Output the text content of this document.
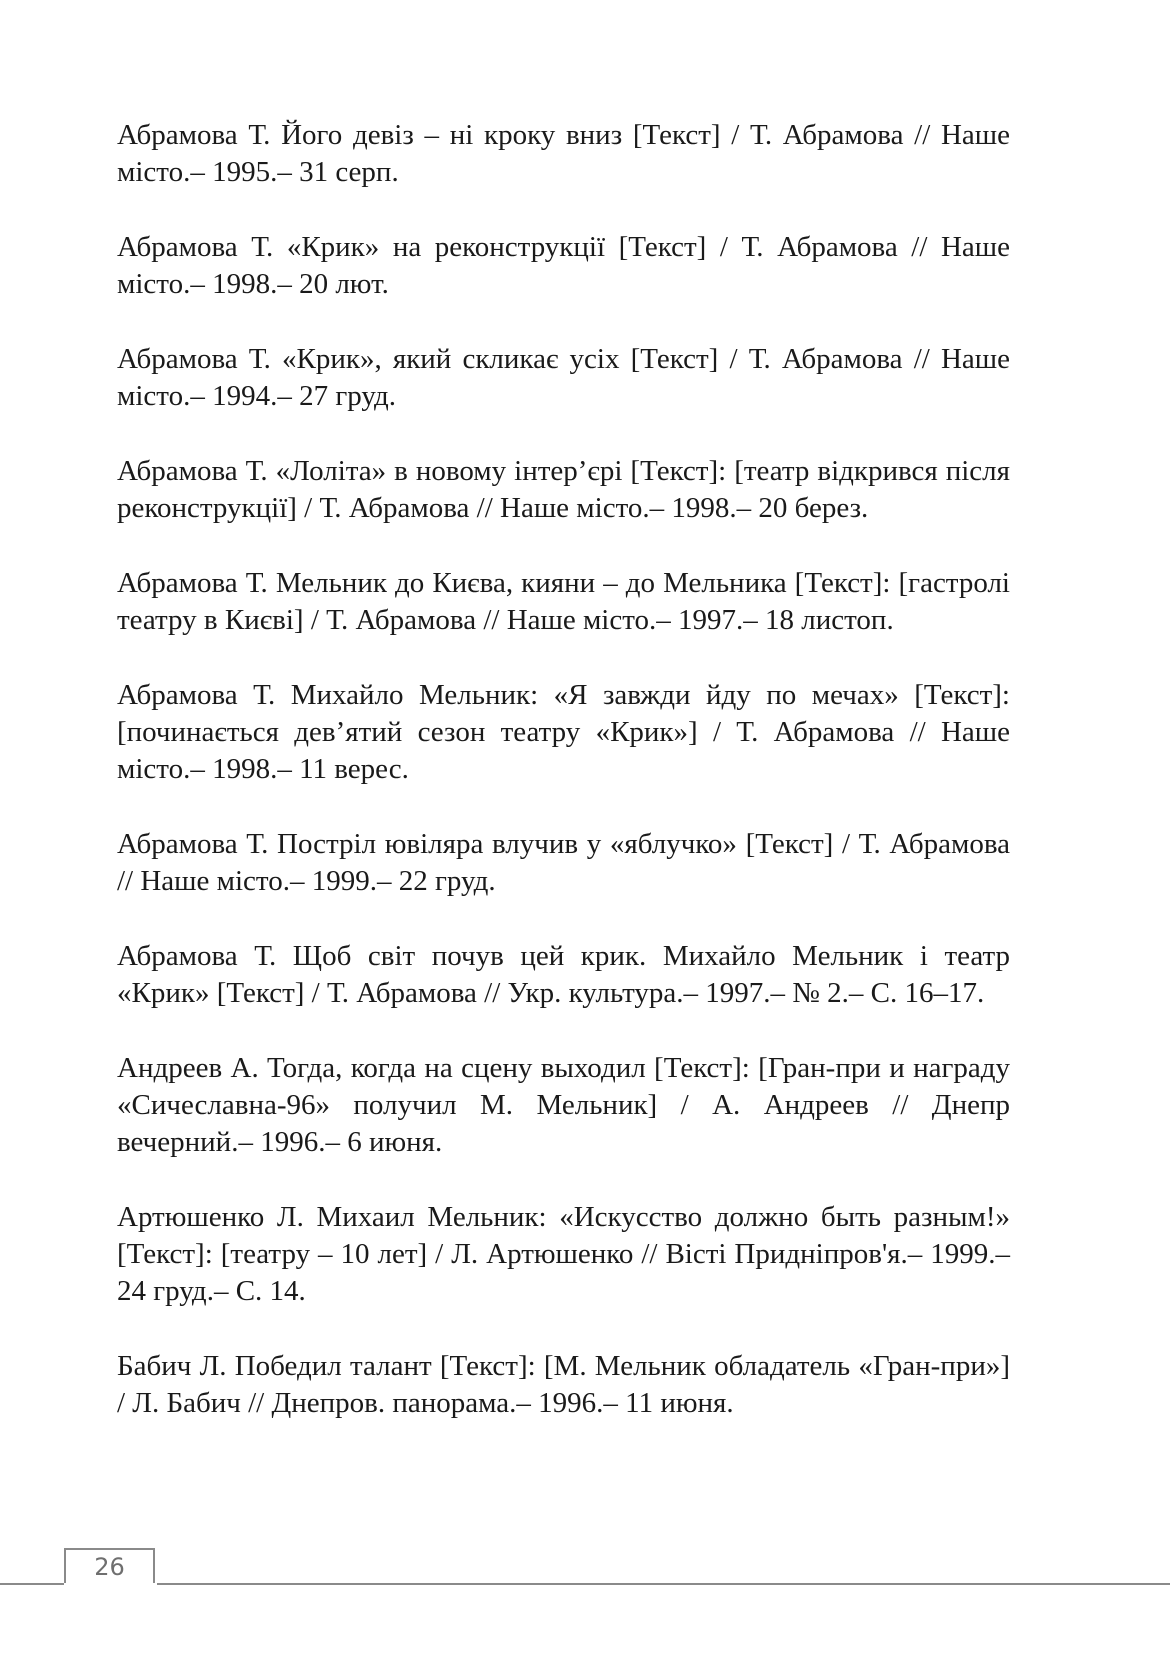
Абрамова Т. Його девіз – ні кроку вниз [Текст] / Т. Абрамова // Наше місто.– 1995.– 31 серп.
Абрамова Т. «Крик» на реконструкції [Текст] / Т. Абрамова // Наше місто.– 1998.– 20 лют.
Абрамова Т. «Крик», який скликає усіх [Текст] / Т. Абрамова // Наше місто.– 1994.– 27 груд.
Абрамова Т. «Лоліта» в новому інтер’єрі [Текст]: [театр відкрився після реконструкції] / Т. Абрамова // Наше місто.– 1998.– 20 берез.
Абрамова Т. Мельник до Києва, кияни – до Мельника [Текст]: [гастролі театру в Києві] / Т. Абрамова // Наше місто.– 1997.– 18 листоп.
Абрамова Т. Михайло Мельник: «Я завжди йду по мечах» [Текст]: [починається дев’ятий сезон театру «Крик»] / Т. Абрамова // Наше місто.– 1998.– 11 верес.
Абрамова Т. Постріл ювіляра влучив у «яблучко» [Текст] / Т. Абрамова // Наше місто.– 1999.– 22 груд.
Абрамова Т. Щоб світ почув цей крик. Михайло Мельник і театр «Крик» [Текст] / Т. Абрамова // Укр. культура.– 1997.– № 2.– С. 16–17.
Андреев А. Тогда, когда на сцену выходил [Текст]: [Гран-при и награду «Сичеславна-96» получил М. Мельник] / А. Андреев // Днепр вечерний.– 1996.– 6 июня.
Артюшенко Л. Михаил Мельник: «Искусство должно быть разным!» [Текст]: [театру – 10 лет] / Л. Артюшенко // Вісті Придніпров'я.– 1999.– 24 груд.– С. 14.
Бабич Л. Победил талант [Текст]: [М. Мельник обладатель «Гран-при»] / Л. Бабич // Днепров. панорама.– 1996.– 11 июня.
26
